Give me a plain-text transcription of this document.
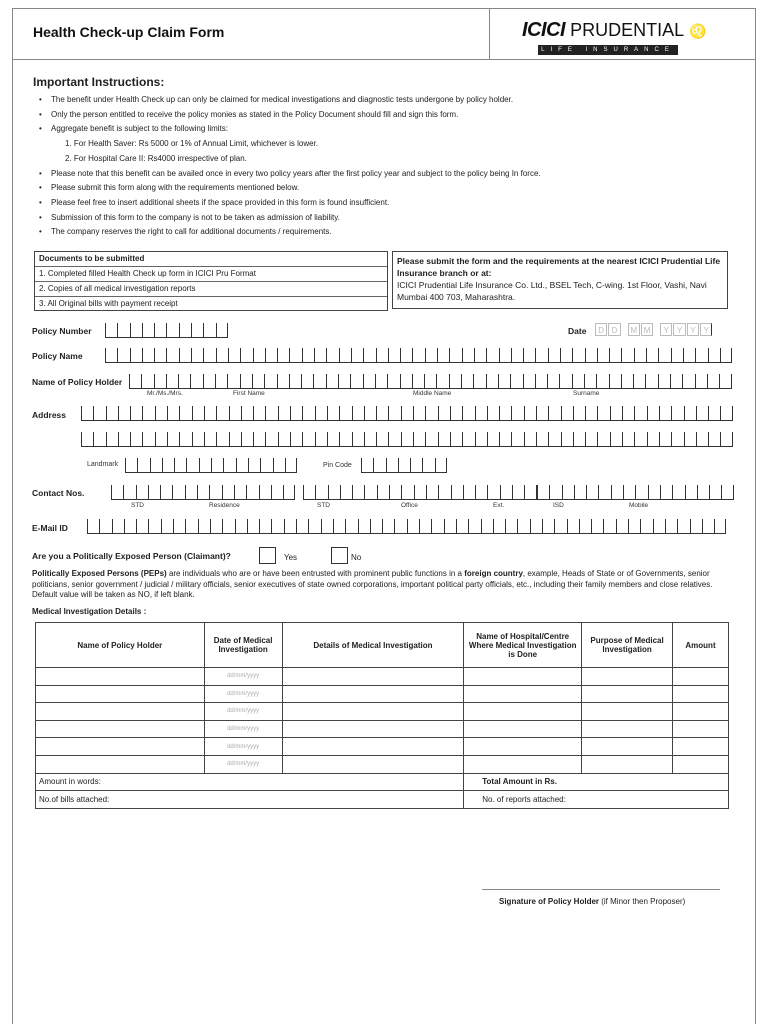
Health Check-up Claim Form	ICICI PRUDENTIAL ♌
LIFE INSURANCE
Important Instructions:
• The benefit under Health Check up can only be claimed for medical investigations and diagnostic tests undergone by policy holder.
• Only the person entitled to receive the policy monies as stated in the Policy Document should fill and sign this form.
• Aggregate benefit is subject to the following limits:
1. For Health Saver: Rs 5000 or 1% of Annual Limit, whichever is lower.
2. For Hospital Care II: Rs4000 irrespective of plan.
• Please note that this benefit can be availed once in every two policy years after the first policy year and subject to the policy being In force.
• Please submit this form along with the requirements mentioned below.
• Please feel free to insert additional sheets if the space provided in this form is found insufficient.
• Submission of this form to the company is not to be taken as admission of liability.
• The company reserves the right to call for additional documents / requirements.
Documents to be submitted
1. Completed filled Health Check up form in ICICI Pru Format
2. Copies of all medical investigation reports
3. All Original bills with payment receipt
Please submit the form and the requirements at the nearest ICICI Prudential Life Insurance branch or at:
ICICI Prudential Life Insurance Co. Ltd., BSEL Tech, C-wing. 1st Floor, Vashi, Navi Mumbai 400 703, Maharashtra.
Policy Number	Date	D D	M M	Y Y Y Y
Policy Name
Name of Policy Holder
Mr./Ms./Mrs.	First Name	Middle Name	Surname
Address
Landmark	Pin Code
Contact Nos.
STD	Residence	STD	Office	Ext.	ISD	Mobile
E-Mail ID
Are you a Politically Exposed Person (Claimant)?	Yes	No
Politically Exposed Persons (PEPs) are individuals who are or have been entrusted with prominent public functions in a foreign country, example, Heads of State or of Governments, senior politicians, senior government / judicial / military officials, senior executives of state owned corporations, important political party officials, etc., including their family members and close relatives. Default value will be taken as NO, if left blank.
Medical Investigation Details :
Name of Policy Holder	Date of Medical Investigation	Details of Medical Investigation	Name of Hospital/Centre Where Medical Investigation is Done	Purpose of Medical Investigation	Amount
	dd/mm/yyyy				
	dd/mm/yyyy				
	dd/mm/yyyy				
	dd/mm/yyyy				
	dd/mm/yyyy				
	dd/mm/yyyy				
Amount in words:			Total Amount in Rs.		
No.of bills attached:			No. of reports attached:		
Signature of Policy Holder (if Minor then Proposer)
